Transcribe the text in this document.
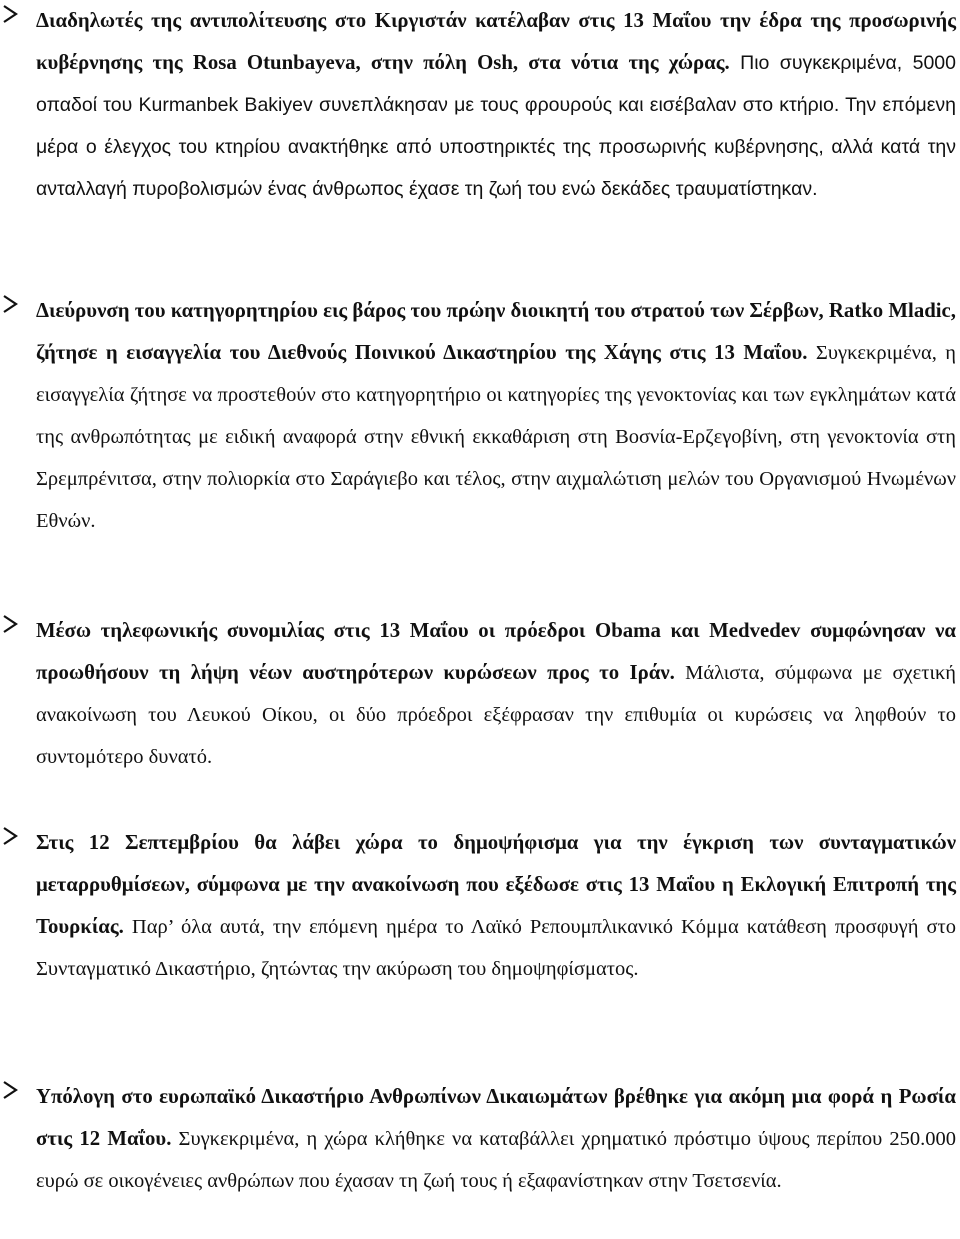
Διαδηλωτές της αντιπολίτευσης στο Κιργιστάν κατέλαβαν στις 13 Μαΐου την έδρα της προσωρινής κυβέρνησης της Rosa Otunbayeva, στην πόλη Osh, στα νότια της χώρας. Πιο συγκεκριμένα, 5000 οπαδοί του Kurmanbek Bakiyev συνεπλάκησαν με τους φρουρούς και εισέβαλαν στο κτήριο. Την επόμενη μέρα ο έλεγχος του κτηρίου ανακτήθηκε από υποστηρικτές της προσωρινής κυβέρνησης, αλλά κατά την ανταλλαγή πυροβολισμών ένας άνθρωπος έχασε τη ζωή του ενώ δεκάδες τραυματίστηκαν.
Διεύρυνση του κατηγορητηρίου εις βάρος του πρώην διοικητή του στρατού των Σέρβων, Ratko Mladic, ζήτησε η εισαγγελία του Διεθνούς Ποινικού Δικαστηρίου της Χάγης στις 13 Μαΐου. Συγκεκριμένα, η εισαγγελία ζήτησε να προστεθούν στο κατηγορητήριο οι κατηγορίες της γενοκτονίας και των εγκλημάτων κατά της ανθρωπότητας με ειδική αναφορά στην εθνική εκκαθάριση στη Βοσνία-Ερζεγοβίνη, στη γενοκτονία στη Σρεμπρένιτσα, στην πολιορκία στο Σαράγιεβο και τέλος, στην αιχμαλώτιση μελών του Οργανισμού Ηνωμένων Εθνών.
Μέσω τηλεφωνικής συνομιλίας στις 13 Μαΐου οι πρόεδροι Obama και Medvedev συμφώνησαν να προωθήσουν τη λήψη νέων αυστηρότερων κυρώσεων προς το Ιράν. Μάλιστα, σύμφωνα με σχετική ανακοίνωση του Λευκού Οίκου, οι δύο πρόεδροι εξέφρασαν την επιθυμία οι κυρώσεις να ληφθούν το συντομότερο δυνατό.
Στις 12 Σεπτεμβρίου θα λάβει χώρα το δημοψήφισμα για την έγκριση των συνταγματικών μεταρρυθμίσεων, σύμφωνα με την ανακοίνωση που εξέδωσε στις 13 Μαΐου η Εκλογική Επιτροπή της Τουρκίας. Παρ’ όλα αυτά, την επόμενη ημέρα το Λαϊκό Ρεπουμπλικανικό Κόμμα κατάθεση προσφυγή στο Συνταγματικό Δικαστήριο, ζητώντας την ακύρωση του δημοψηφίσματος.
Υπόλογη στο ευρωπαϊκό Δικαστήριο Ανθρωπίνων Δικαιωμάτων βρέθηκε για ακόμη μια φορά η Ρωσία στις 12 Μαΐου. Συγκεκριμένα, η χώρα κλήθηκε να καταβάλλει χρηματικό πρόστιμο ύψους περίπου 250.000 ευρώ σε οικογένειες ανθρώπων που έχασαν τη ζωή τους ή εξαφανίστηκαν στην Τσετσενία.
